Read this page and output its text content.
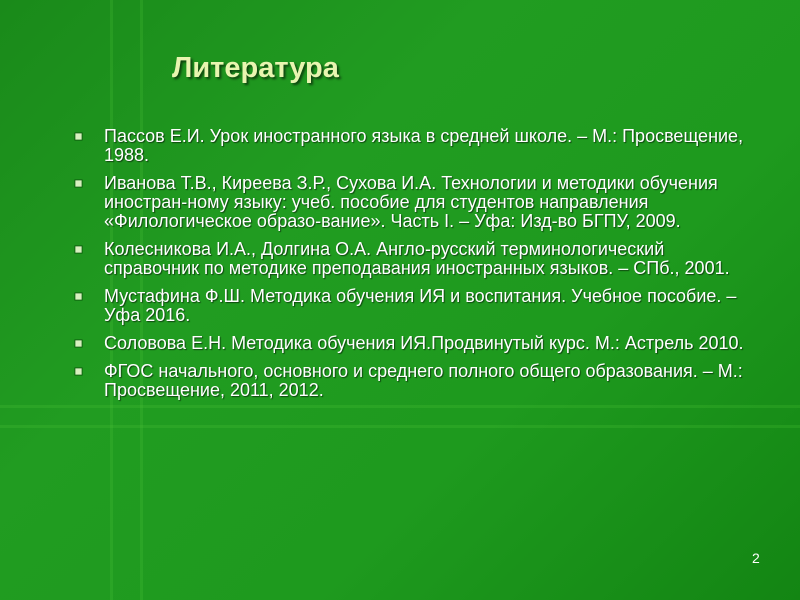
Литература
Пассов Е.И. Урок иностранного языка в средней школе. – М.: Просвещение, 1988.
Иванова Т.В., Киреева З.Р., Сухова И.А. Технологии и методики обучения иностран-ному языку: учеб. пособие для студентов направления «Филологическое образо-вание». Часть I. – Уфа: Изд-во БГПУ, 2009.
Колесникова И.А., Долгина О.А. Англо-русский терминологический справочник по методике преподавания иностранных языков. – СПб., 2001.
Мустафина Ф.Ш. Методика обучения ИЯ и воспитания. Учебное пособие. – Уфа 2016.
Соловова Е.Н. Методика обучения ИЯ.Продвинутый курс. М.: Астрель 2010.
ФГОС начального, основного и среднего полного общего образования. – М.: Просвещение, 2011, 2012.
2
